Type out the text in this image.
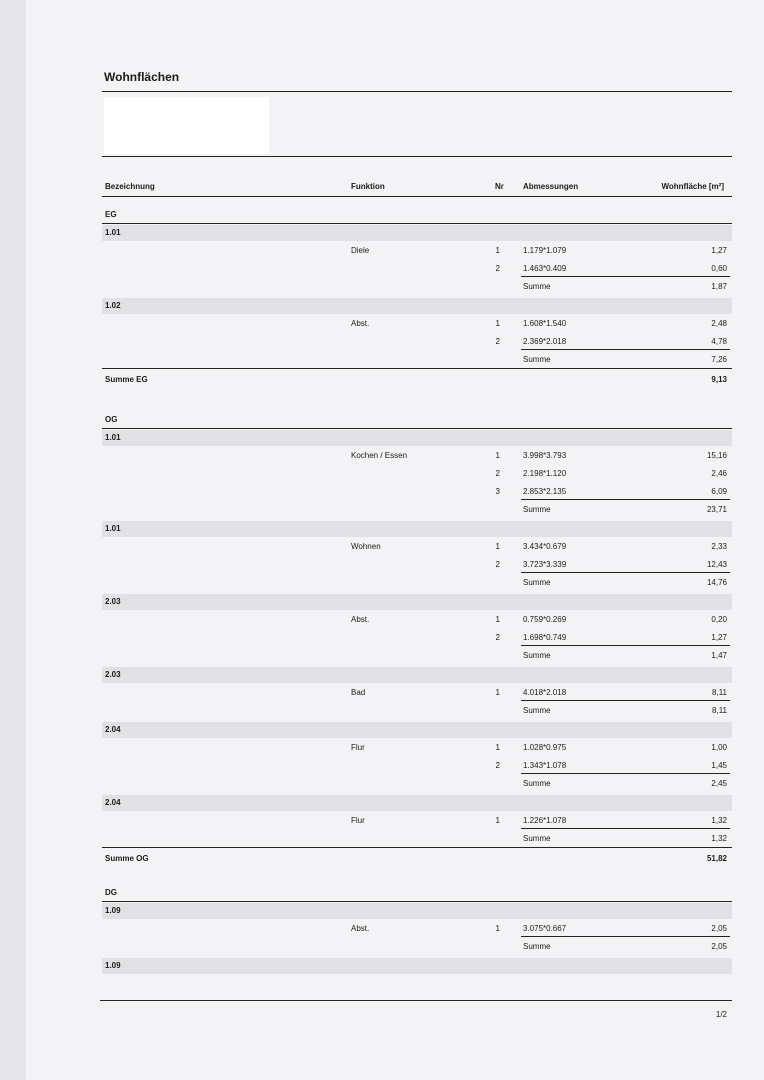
Wohnflächen
Bezeichnung	Funktion	Nr Abmessungen	Wohnfläche [m²]
EG
1.01
Diele	1	1.179*1.079	1,27
2	1.463*0.409	0,60
Summe	1,87
1.02
Abst.	1	1.608*1.540	2,48
2	2.369*2.018	4,78
Summe	7,26
Summe EG	9,13
OG
1.01
Kochen / Essen	1	3.998*3.793	15,16
2	2.198*1.120	2,46
3	2.853*2.135	6,09
Summe	23,71
1.01
Wohnen	1	3.434*0.679	2,33
2	3.723*3.339	12,43
Summe	14,76
2.03
Abst.	1	0.759*0.269	0,20
2	1.698*0.749	1,27
Summe	1,47
2.03
Bad	1	4.018*2.018	8,11
Summe	8,11
2.04
Flur	1	1.028*0.975	1,00
2	1.343*1.078	1,45
Summe	2,45
2.04
Flur	1	1.226*1.078	1,32
Summe	1,32
Summe OG	51,82
DG
1.09
Abst.	1	3.075*0.667	2,05
Summe	2,05
1.09
1/2
